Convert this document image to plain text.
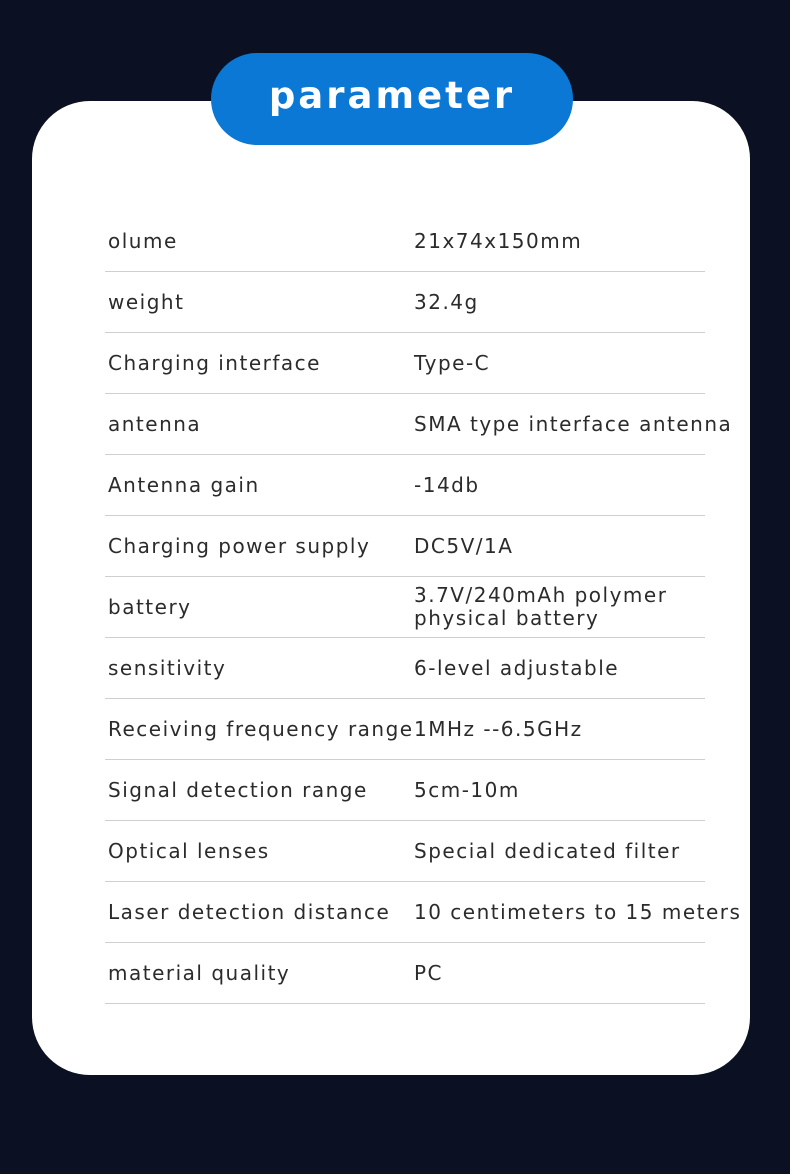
parameter
olume	21x74x150mm
weight	32.4g
Charging interface	Type-C
antenna	SMA type interface antenna
Antenna gain	-14db
Charging power supply DC5V/1A
battery	3.7V/240mAh polymer physical battery
sensitivity	6-level adjustable
Receiving frequency range 1MHz --6.5GHz
Signal detection range 5cm-10m
Optical lenses	Special dedicated filter
Laser detection distance 10 centimeters to 15 meters
material quality	PC
